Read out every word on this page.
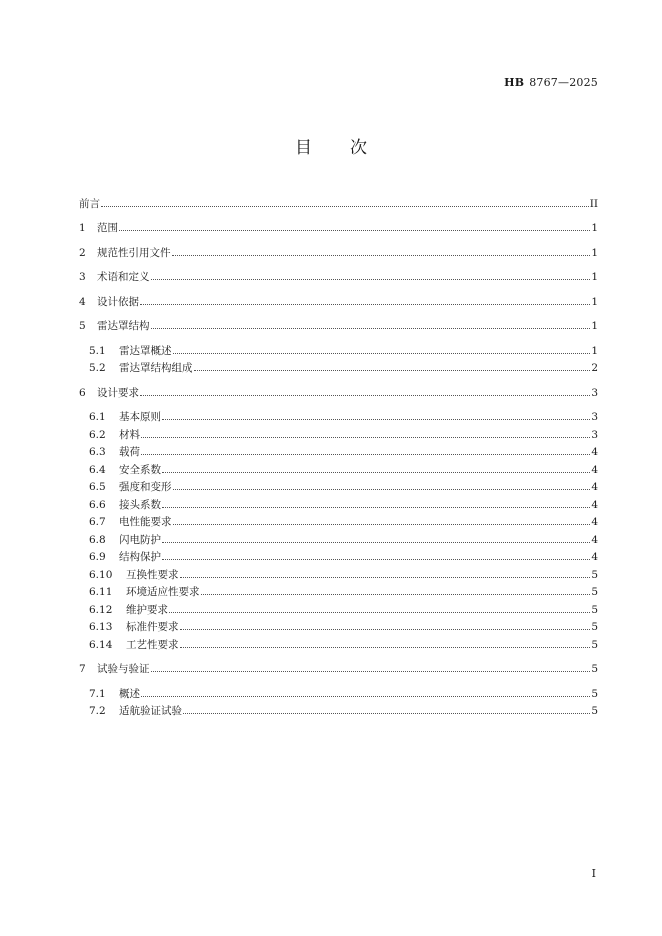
HB 8767—2025
目次
前言	II
1	范围	1
2	规范性引用文件	1
3	术语和定义	1
4	设计依据	1
5	雷达罩结构	1
5.1	雷达罩概述	1
5.2	雷达罩结构组成	2
6	设计要求	3
6.1	基本原则	3
6.2	材料	3
6.3	载荷	4
6.4	安全系数	4
6.5	强度和变形	4
6.6	接头系数	4
6.7	电性能要求	4
6.8	闪电防护	4
6.9	结构保护	4
6.10	互换性要求	5
6.11	环境适应性要求	5
6.12	维护要求	5
6.13	标准件要求	5
6.14	工艺性要求	5
7	试验与验证	5
7.1	概述	5
7.2	适航验证试验	5
I
